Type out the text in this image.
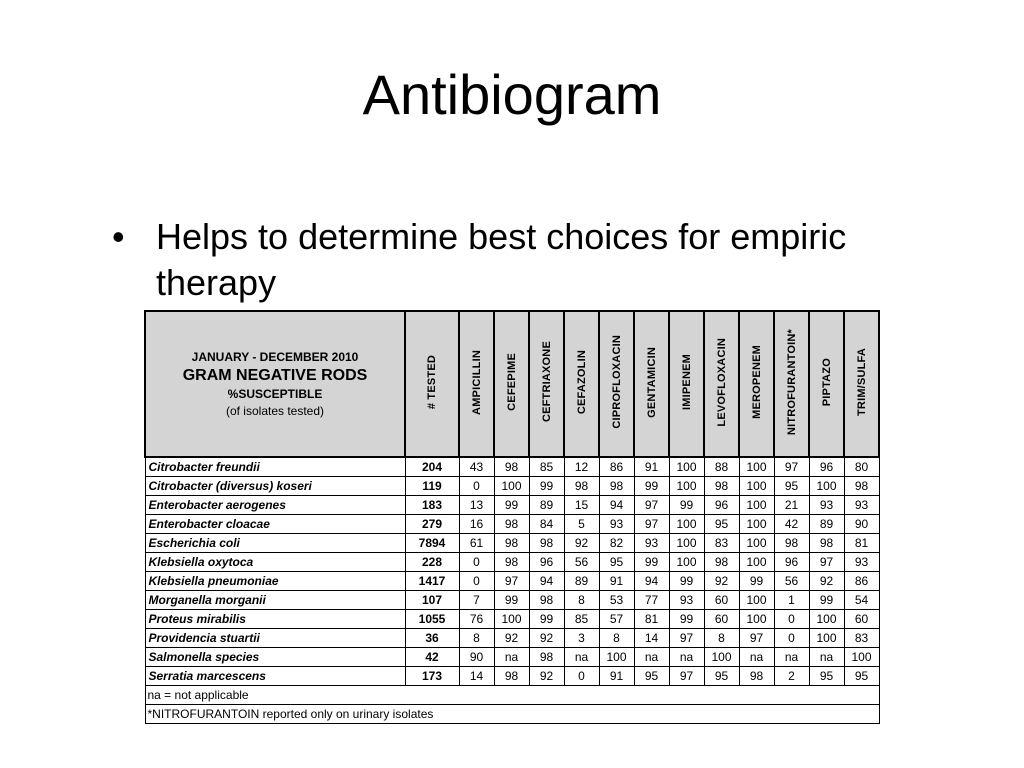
Antibiogram
• Helps to determine best choices for empiric therapy
JANUARY - DECEMBER 2010
GRAM NEGATIVE RODS
%SUSCEPTIBLE
(of isolates tested)	# TESTED	AMPICILLIN	CEFEPIME	CEFTRIAXONE	CEFAZOLIN	CIPROFLOXACIN	GENTAMICIN	IMIPENEM	LEVOFLOXACIN	MEROPENEM	NITROFURANTOIN*	PIPTAZO	TRIM/SULFA
Citrobacter freundii	204	43	98	85	12	86	91	100	88	100	97	96	80
Citrobacter (diversus) koseri	119	0	100	99	98	98	99	100	98	100	95	100	98
Enterobacter aerogenes	183	13	99	89	15	94	97	99	96	100	21	93	93
Enterobacter cloacae	279	16	98	84	5	93	97	100	95	100	42	89	90
Escherichia coli	7894	61	98	98	92	82	93	100	83	100	98	98	81
Klebsiella oxytoca	228	0	98	96	56	95	99	100	98	100	96	97	93
Klebsiella pneumoniae	1417	0	97	94	89	91	94	99	92	99	56	92	86
Morganella morganii	107	7	99	98	8	53	77	93	60	100	1	99	54
Proteus mirabilis	1055	76	100	99	85	57	81	99	60	100	0	100	60
Providencia stuartii	36	8	92	92	3	8	14	97	8	97	0	100	83
Salmonella species	42	90	na	98	na	100	na	na	100	na	na	na	100
Serratia marcescens	173	14	98	92	0	91	95	97	95	98	2	95	95
na = not applicable													
*NITROFURANTOIN reported only on urinary isolates													
